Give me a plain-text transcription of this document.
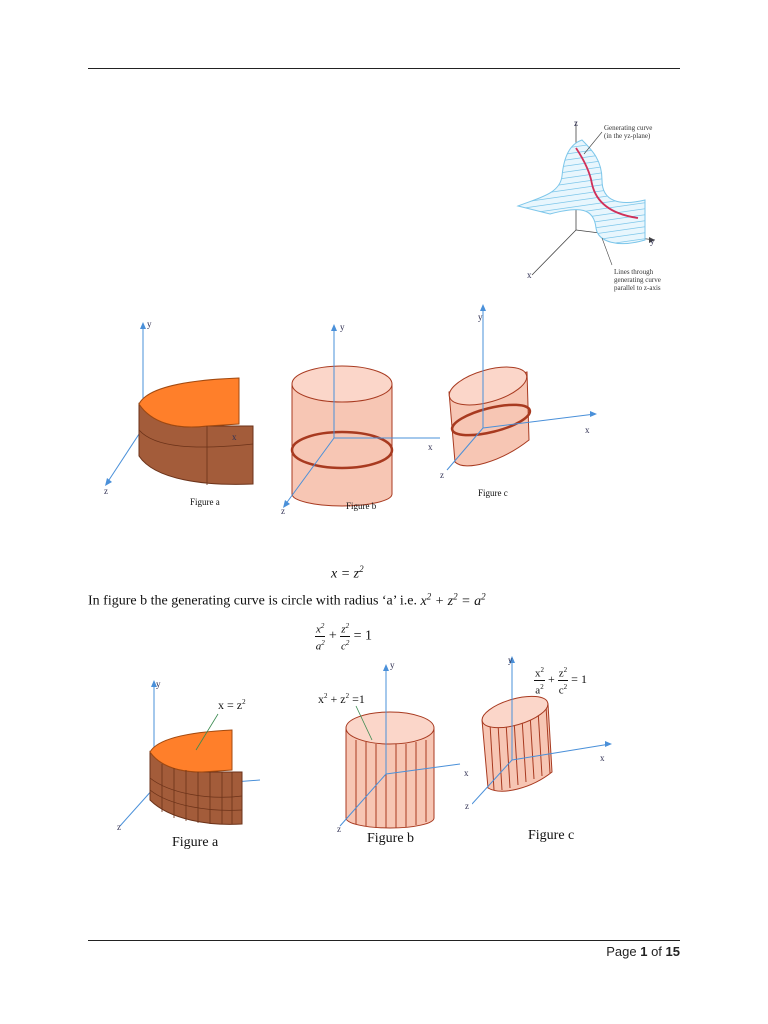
z
y
x
Generating curve
(in the yz-plane)
Lines through
generating curve
parallel to z-axis
y
x
z
Figure a
y
x
z	Figure b
y
x
z
Figure c
$x = z^2$
In figure b the generating curve is circle with radius ‘a’ i.e. $x^2 + z^2 = a^2$
$\frac{x^2}{a^2} + \frac{z^2}{c^2} = 1$
y
z
$x = z^2$
Figure a
y
x
z
$x^2 + z^2 =1$
Figure b
y
x
z
$\frac{x^2}{a^2} + \frac{z^2}{c^2} = 1$
Figure c
Page 1 of 15
